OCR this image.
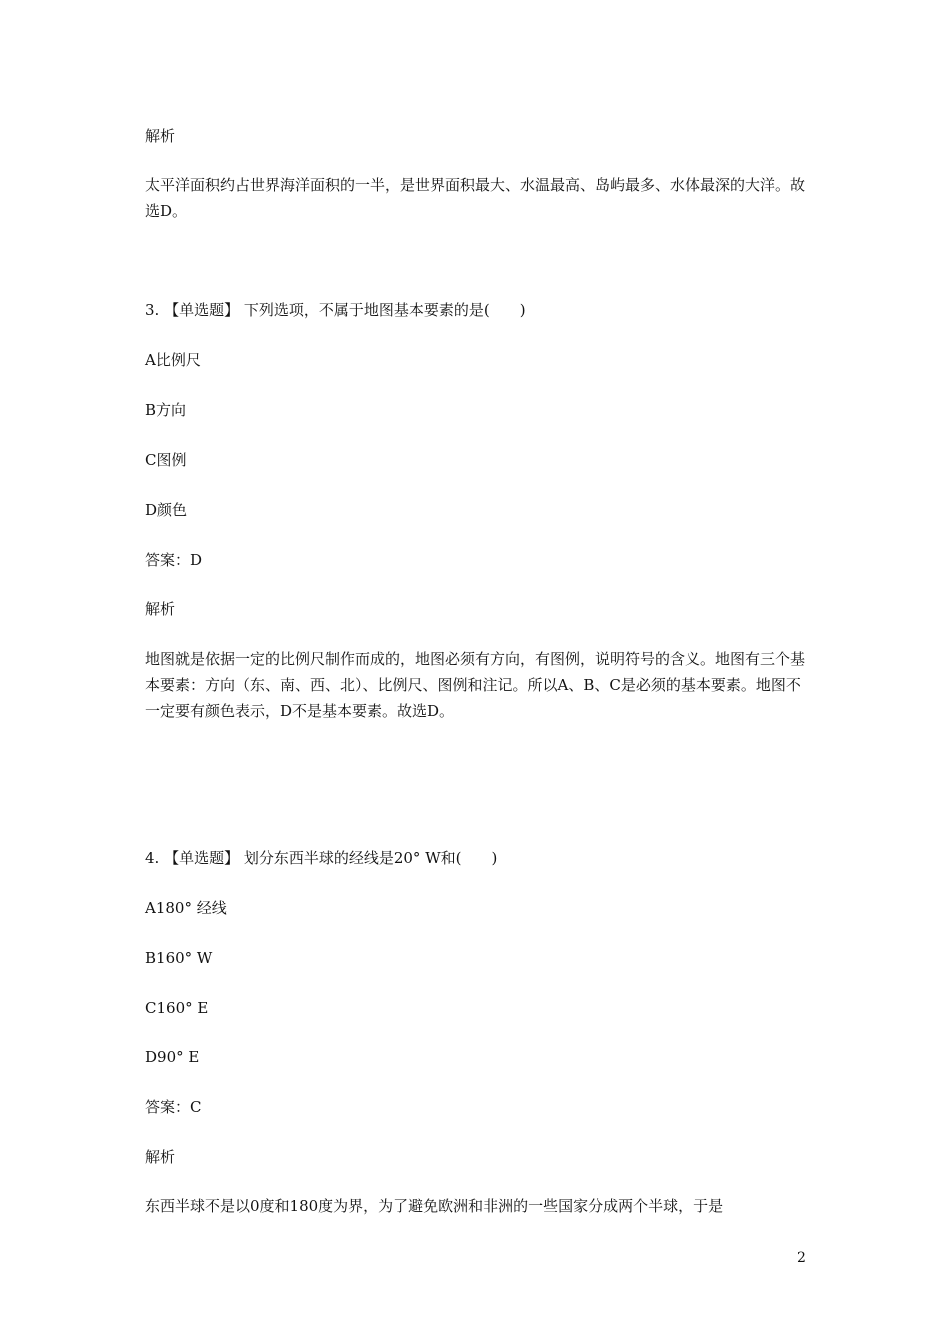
解析
太平洋面积约占世界海洋面积的一半，是世界面积最大、水温最高、岛屿最多、水体最深的大洋。故选D。
3. 【单选题】 下列选项，不属于地图基本要素的是(　　)
A比例尺
B方向
C图例
D颜色
答案：D
解析
地图就是依据一定的比例尺制作而成的，地图必须有方向，有图例，说明符号的含义。地图有三个基本要素：方向（东、南、西、北）、比例尺、图例和注记。所以A、B、C是必须的基本要素。地图不一定要有颜色表示，D不是基本要素。故选D。
4. 【单选题】 划分东西半球的经线是20° W和(　　)
A180° 经线
B160° W
C160° E
D90° E
答案：C
解析
东西半球不是以0度和180度为界，为了避免欧洲和非洲的一些国家分成两个半球，于是
2
